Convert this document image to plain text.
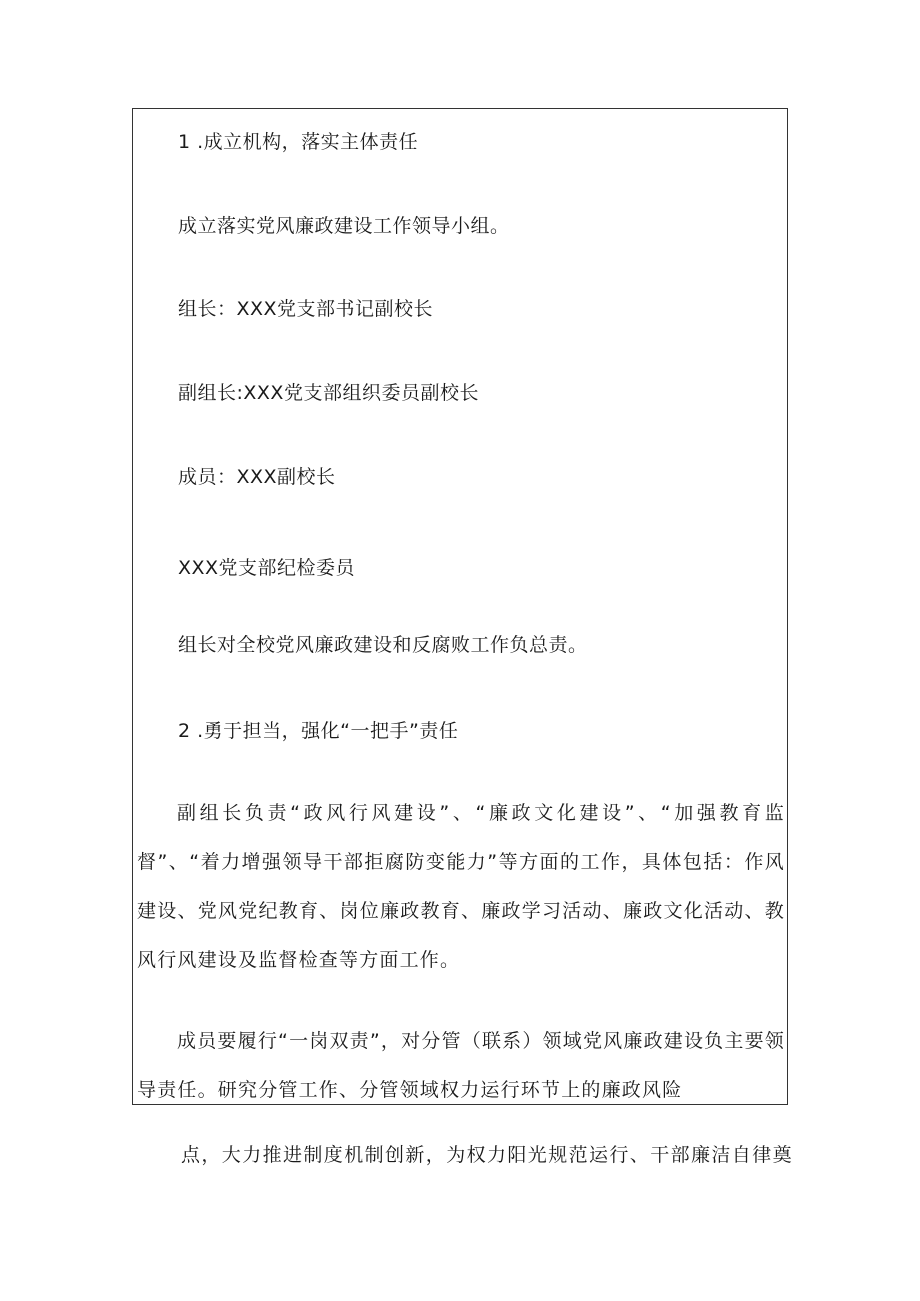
1 .成立机构，落实主体责任
成立落实党风廉政建设工作领导小组。
组长：XXX党支部书记副校长
副组长:XXX党支部组织委员副校长
成员：XXX副校长
XXX党支部纪检委员
组长对全校党风廉政建设和反腐败工作负总责。
2 .勇于担当，强化“一把手”责任
副组长负责“政风行风建设”、“廉政文化建设”、“加强教育监督”、“着力增强领导干部拒腐防变能力”等方面的工作，具体包括：作风建设、党风党纪教育、岗位廉政教育、廉政学习活动、廉政文化活动、教风行风建设及监督检查等方面工作。
成员要履行“一岗双责”，对分管（联系）领域党风廉政建设负主要领导责任。研究分管工作、分管领域权力运行环节上的廉政风险
点，大力推进制度机制创新，为权力阳光规范运行、干部廉洁自律奠
